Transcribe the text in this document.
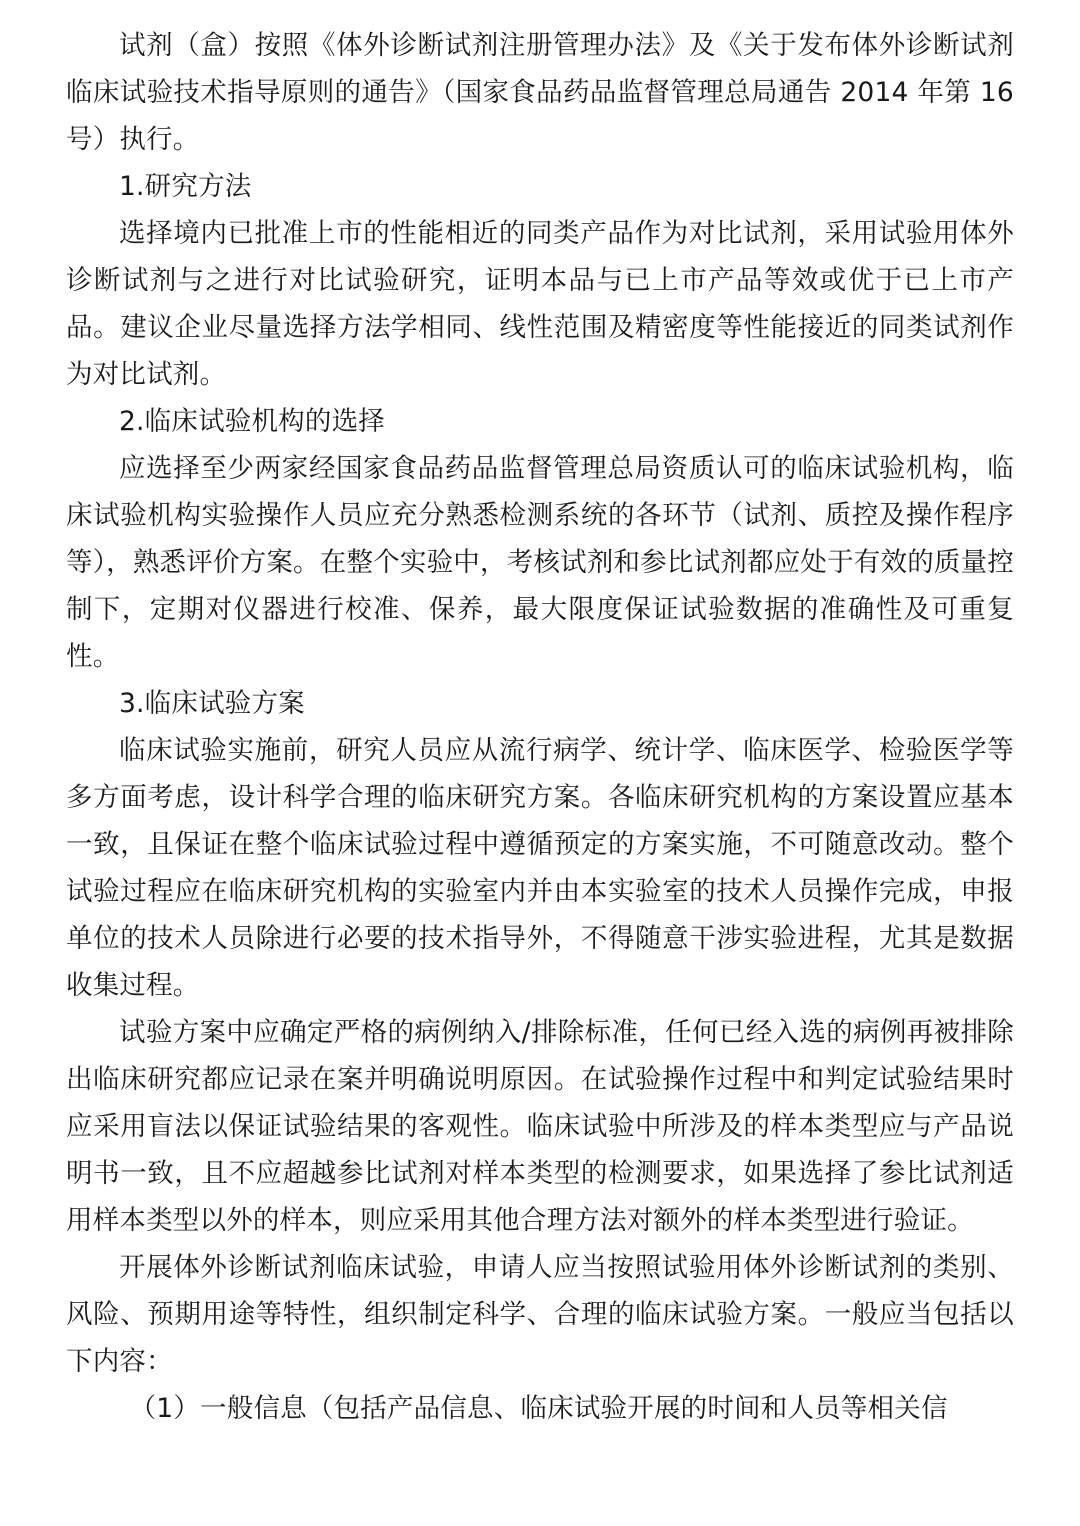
试剂（盒）按照《体外诊断试剂注册管理办法》及《关于发布体外诊断试剂临床试验技术指导原则的通告》（国家食品药品监督管理总局通告 2014 年第 16 号）执行。

1.研究方法

选择境内已批准上市的性能相近的同类产品作为对比试剂，采用试验用体外诊断试剂与之进行对比试验研究，证明本品与已上市产品等效或优于已上市产品。建议企业尽量选择方法学相同、线性范围及精密度等性能接近的同类试剂作为对比试剂。

2.临床试验机构的选择

应选择至少两家经国家食品药品监督管理总局资质认可的临床试验机构，临床试验机构实验操作人员应充分熟悉检测系统的各环节（试剂、质控及操作程序等），熟悉评价方案。在整个实验中，考核试剂和参比试剂都应处于有效的质量控制下，定期对仪器进行校准、保养，最大限度保证试验数据的准确性及可重复性。

3.临床试验方案

临床试验实施前，研究人员应从流行病学、统计学、临床医学、检验医学等多方面考虑，设计科学合理的临床研究方案。各临床研究机构的方案设置应基本一致，且保证在整个临床试验过程中遵循预定的方案实施，不可随意改动。整个试验过程应在临床研究机构的实验室内并由本实验室的技术人员操作完成，申报单位的技术人员除进行必要的技术指导外，不得随意干涉实验进程，尤其是数据收集过程。

试验方案中应确定严格的病例纳入/排除标准，任何已经入选的病例再被排除出临床研究都应记录在案并明确说明原因。在试验操作过程中和判定试验结果时应采用盲法以保证试验结果的客观性。临床试验中所涉及的样本类型应与产品说明书一致，且不应超越参比试剂对样本类型的检测要求，如果选择了参比试剂适用样本类型以外的样本，则应采用其他合理方法对额外的样本类型进行验证。

开展体外诊断试剂临床试验，申请人应当按照试验用体外诊断试剂的类别、风险、预期用途等特性，组织制定科学、合理的临床试验方案。一般应当包括以下内容：

（1）一般信息（包括产品信息、临床试验开展的时间和人员等相关信
